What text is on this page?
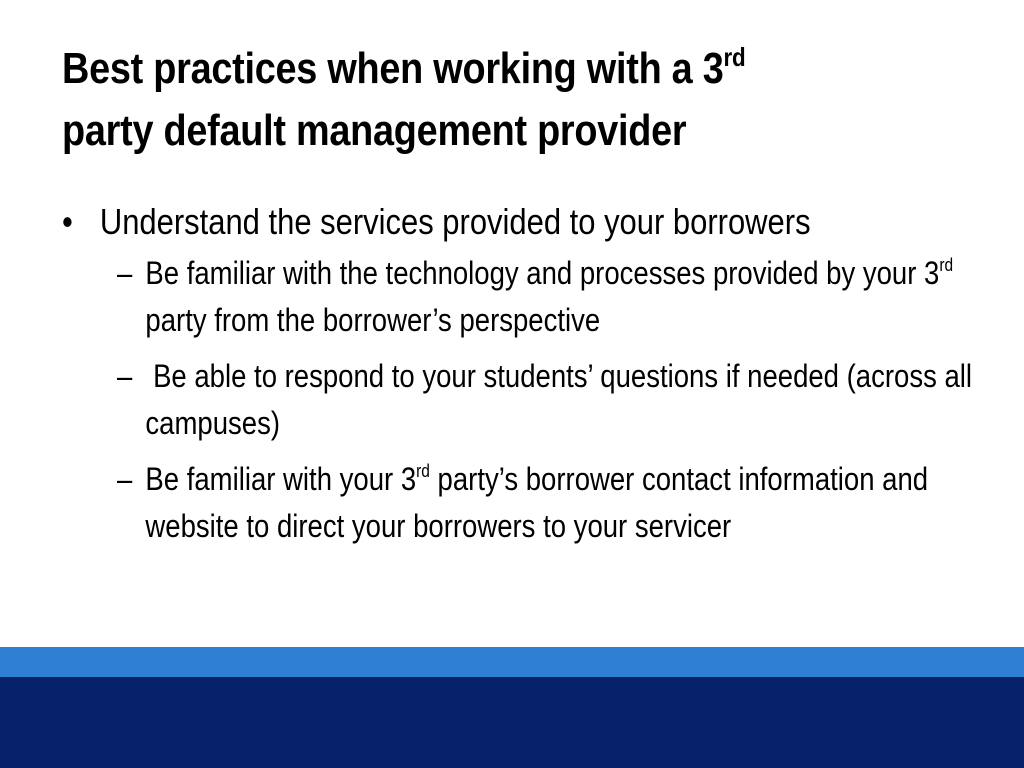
Best practices when working with a 3rd
party default management provider
• Understand the services provided to your borrowers
– Be familiar with the technology and processes provided by your 3rd party from the borrower’s perspective
– Be able to respond to your students’ questions if needed (across all campuses)
– Be familiar with your 3rd party’s borrower contact information and website to direct your borrowers to your servicer
